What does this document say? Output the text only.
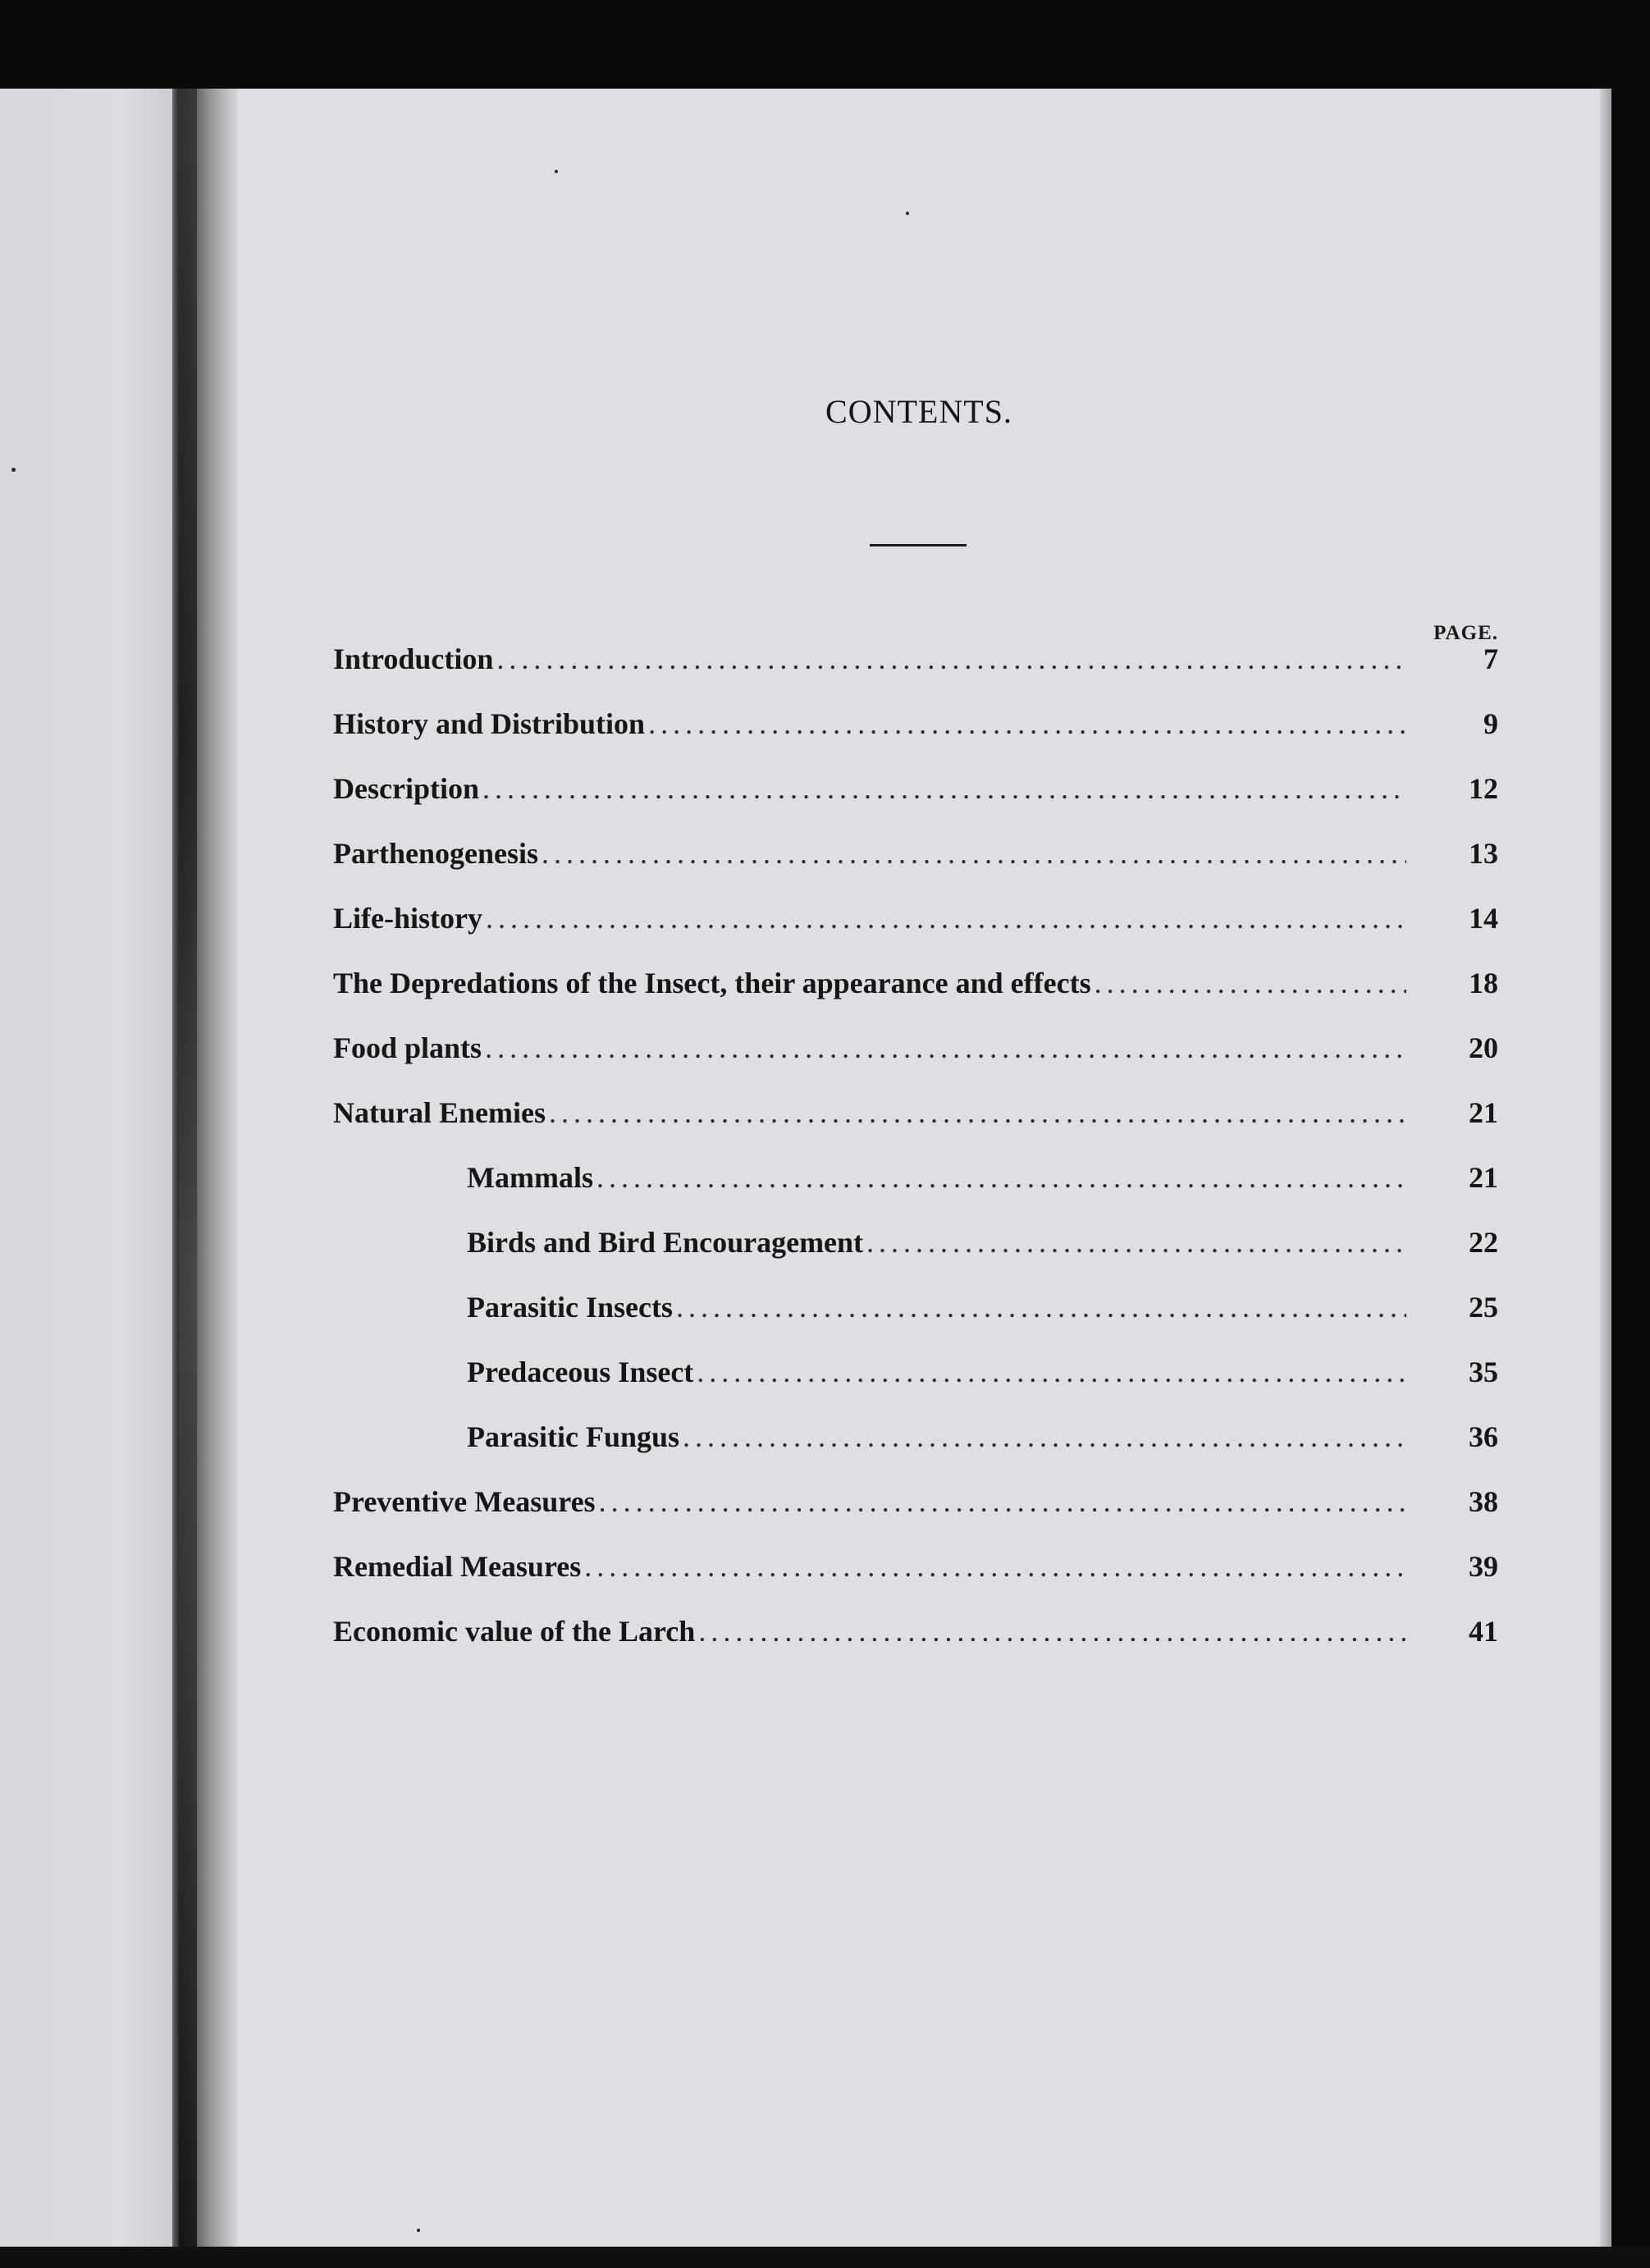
CONTENTS.
PAGE.
Introduction .....	7
History and Distribution .....	9
Description .....	12
Parthenogenesis .....	13
Life-history .....	14
The Depredations of the Insect, their appearance and effects .....	18
Food plants .....	20
Natural Enemies .....	21
Mammals .....	21
Birds and Bird Encouragement .....	22
Parasitic Insects .....	25
Predaceous Insect .....	35
Parasitic Fungus .....	36
Preventive Measures .....	38
Remedial Measures .....	39
Economic value of the Larch .....	41
